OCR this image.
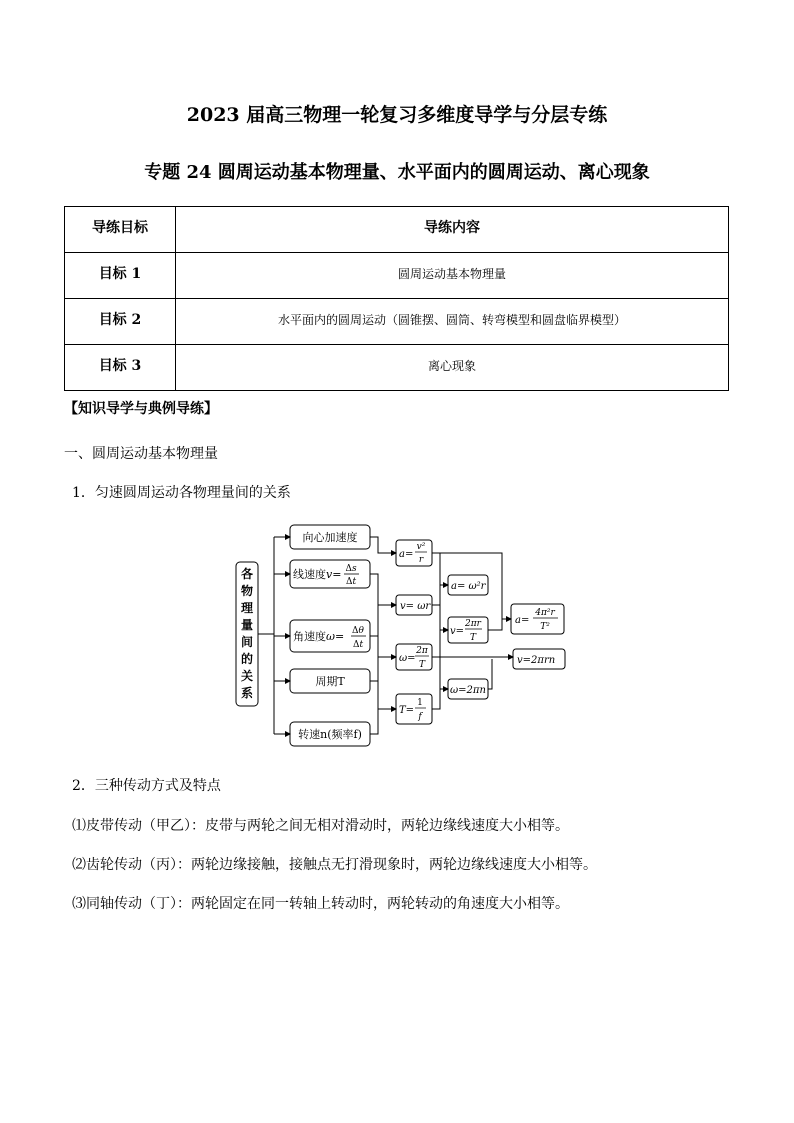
2023 届高三物理一轮复习多维度导学与分层专练
专题 24 圆周运动基本物理量、水平面内的圆周运动、离心现象
导练目标	导练内容
目标 1	圆周运动基本物理量
目标 2	水平面内的圆周运动（圆锥摆、圆筒、转弯模型和圆盘临界模型）
目标 3	离心现象
【知识导学与典例导练】
一、圆周运动基本物理量
1．匀速圆周运动各物理量间的关系
各
物
理
量
间
的
关
系
向心加速度
线速度v= Δs
Δt
角速度ω= Δθ
Δt
周期T
转速n(频率f)
a=
v²
r
v= ωr
ω=
2π
T
T=
1
f
a= ω²r
v=
2πr
T
ω=2πn
a=
4π²r
T²
v=2πrn
2．三种传动方式及特点
⑴皮带传动（甲乙）：皮带与两轮之间无相对滑动时，两轮边缘线速度大小相等。
⑵齿轮传动（丙）：两轮边缘接触，接触点无打滑现象时，两轮边缘线速度大小相等。
⑶同轴传动（丁）：两轮固定在同一转轴上转动时，两轮转动的角速度大小相等。
